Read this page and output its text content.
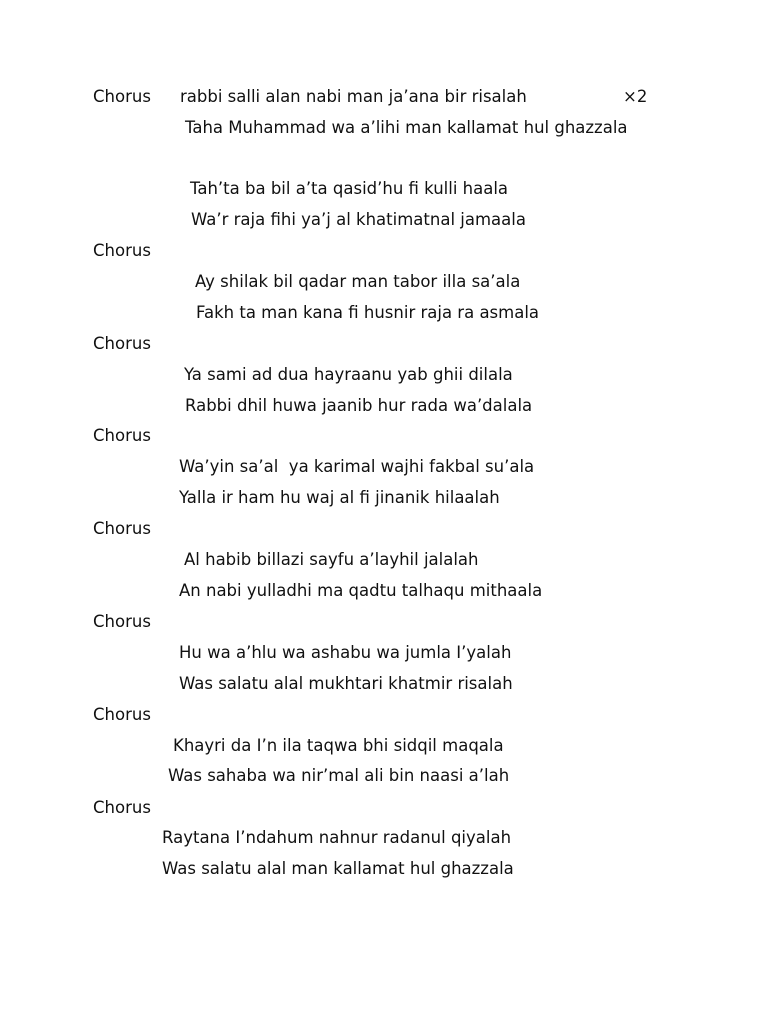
Chorus rabbi salli alan nabi man ja’ana bir risalah	×2
Taha Muhammad wa a’lihi man kallamat hul ghazzala
Tah’ta ba bil a’ta qasid’hu fi kulli haala
Wa’r raja fihi ya’j al khatimatnal jamaala
Chorus
Ay shilak bil qadar man tabor illa sa’ala
Fakh ta man kana fi husnir raja ra asmala
Chorus
Ya sami ad dua hayraanu yab ghii dilala
Rabbi dhil huwa jaanib hur rada wa’dalala
Chorus
Wa’yin sa’al  ya karimal wajhi fakbal su’ala
Yalla ir ham hu waj al fi jinanik hilaalah
Chorus
Al habib billazi sayfu a’layhil jalalah
An nabi yulladhi ma qadtu talhaqu mithaala
Chorus
Hu wa a’hlu wa ashabu wa jumla I’yalah
Was salatu alal mukhtari khatmir risalah
Chorus
Khayri da I’n ila taqwa bhi sidqil maqala
Was sahaba wa nir’mal ali bin naasi a’lah
Chorus
Raytana I’ndahum nahnur radanul qiyalah
Was salatu alal man kallamat hul ghazzala
